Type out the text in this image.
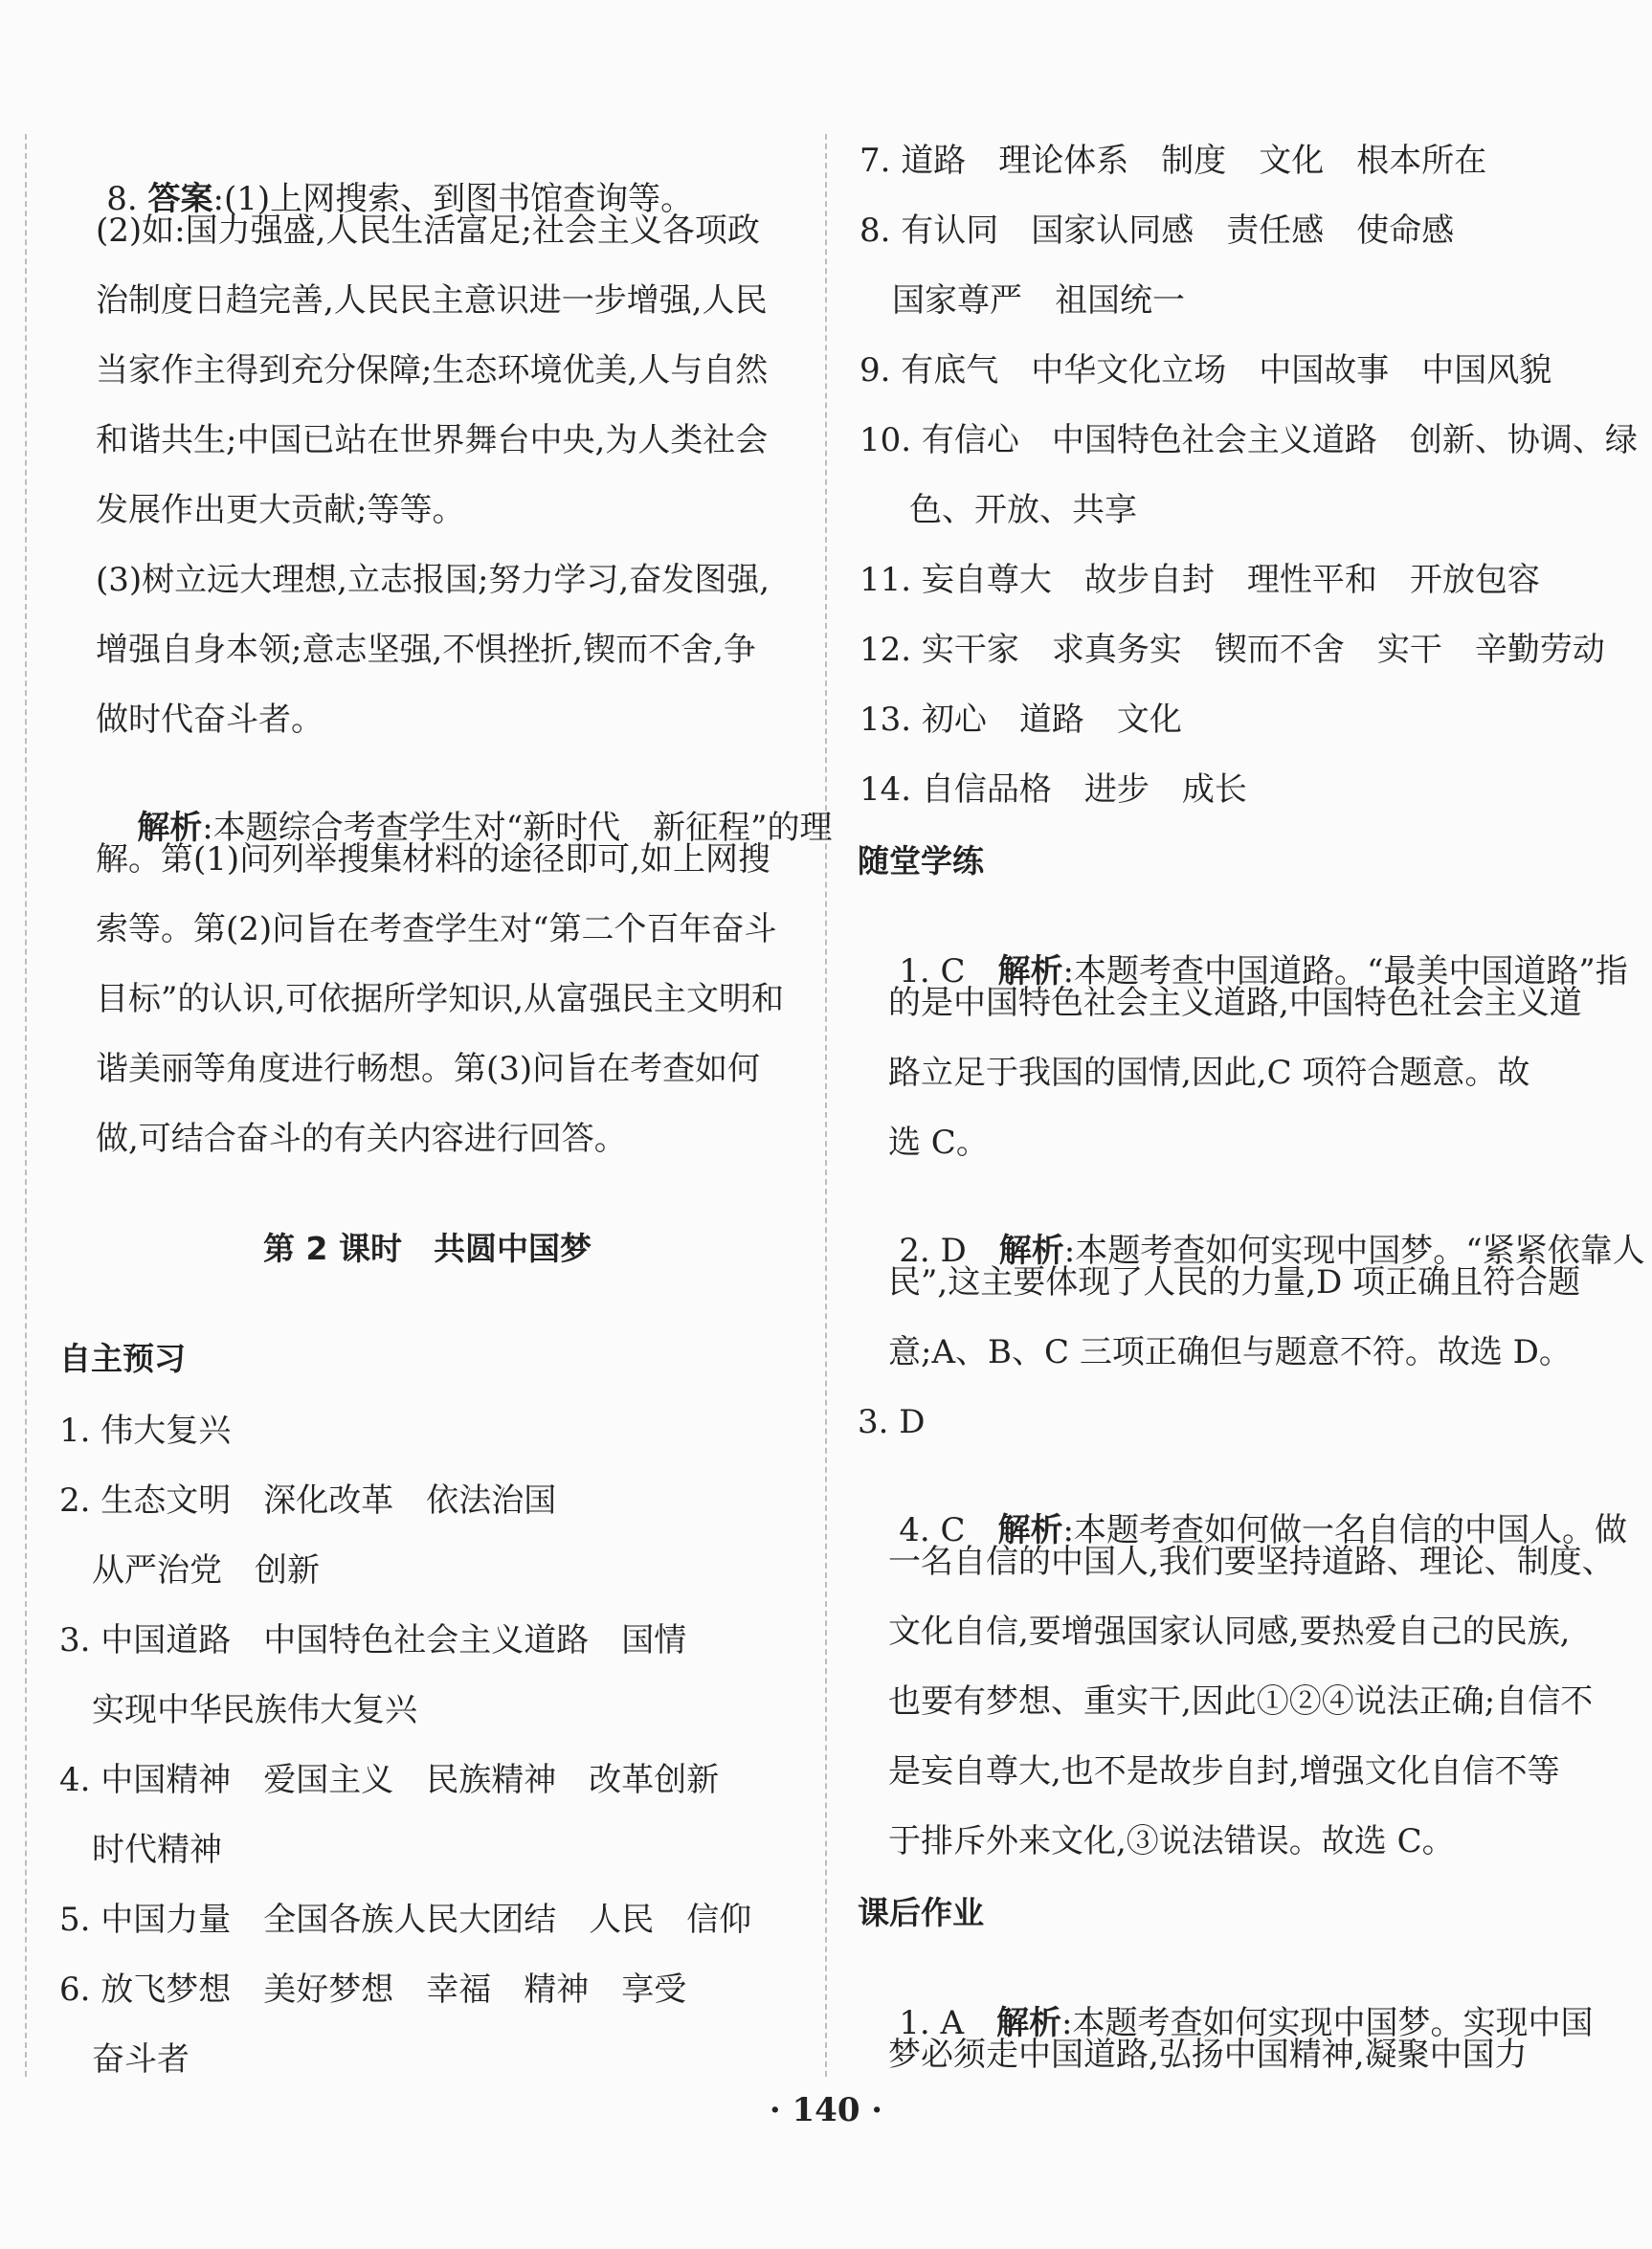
8. 答案:(1)上网搜索、到图书馆查询等。

(2)如:国力强盛,人民生活富足;社会主义各项政
治制度日趋完善,人民民主意识进一步增强,人民
当家作主得到充分保障;生态环境优美,人与自然
和谐共生;中国已站在世界舞台中央,为人类社会
发展作出更大贡献;等等。
(3)树立远大理想,立志报国;努力学习,奋发图强,
增强自身本领;意志坚强,不惧挫折,锲而不舍,争
做时代奋斗者。

解析:本题综合考查学生对“新时代　新征程”的理

解。第(1)问列举搜集材料的途径即可,如上网搜
索等。第(2)问旨在考查学生对“第二个百年奋斗
目标”的认识,可依据所学知识,从富强民主文明和
谐美丽等角度进行畅想。第(3)问旨在考查如何
做,可结合奋斗的有关内容进行回答。
第 2 课时　共圆中国梦
自主预习
1. 伟大复兴
2. 生态文明　深化改革　依法治国
从严治党　创新
3. 中国道路　中国特色社会主义道路　国情
实现中华民族伟大复兴
4. 中国精神　爱国主义　民族精神　改革创新
时代精神
5. 中国力量　全国各族人民大团结　人民　信仰
6. 放飞梦想　美好梦想　幸福　精神　享受
奋斗者
7. 道路　理论体系　制度　文化　根本所在
8. 有认同　国家认同感　责任感　使命感
国家尊严　祖国统一
9. 有底气　中华文化立场　中国故事　中国风貌
10. 有信心　中国特色社会主义道路　创新、协调、绿
色、开放、共享
11. 妄自尊大　故步自封　理性平和　开放包容
12. 实干家　求真务实　锲而不舍　实干　辛勤劳动
13. 初心　道路　文化
14. 自信品格　进步　成长
随堂学练

1. C　解析:本题考查中国道路。“最美中国道路”指

的是中国特色社会主义道路,中国特色社会主义道
路立足于我国的国情,因此,C 项符合题意。故
选 C。

2. D　解析:本题考查如何实现中国梦。“紧紧依靠人

民”,这主要体现了人民的力量,D 项正确且符合题
意;A、B、C 三项正确但与题意不符。故选 D。
3. D

4. C　解析:本题考查如何做一名自信的中国人。做

一名自信的中国人,我们要坚持道路、理论、制度、
文化自信,要增强国家认同感,要热爱自己的民族,
也要有梦想、重实干,因此①②④说法正确;自信不
是妄自尊大,也不是故步自封,增强文化自信不等
于排斥外来文化,③说法错误。故选 C。
课后作业

1. A　解析:本题考查如何实现中国梦。实现中国

梦必须走中国道路,弘扬中国精神,凝聚中国力
· 140 ·
